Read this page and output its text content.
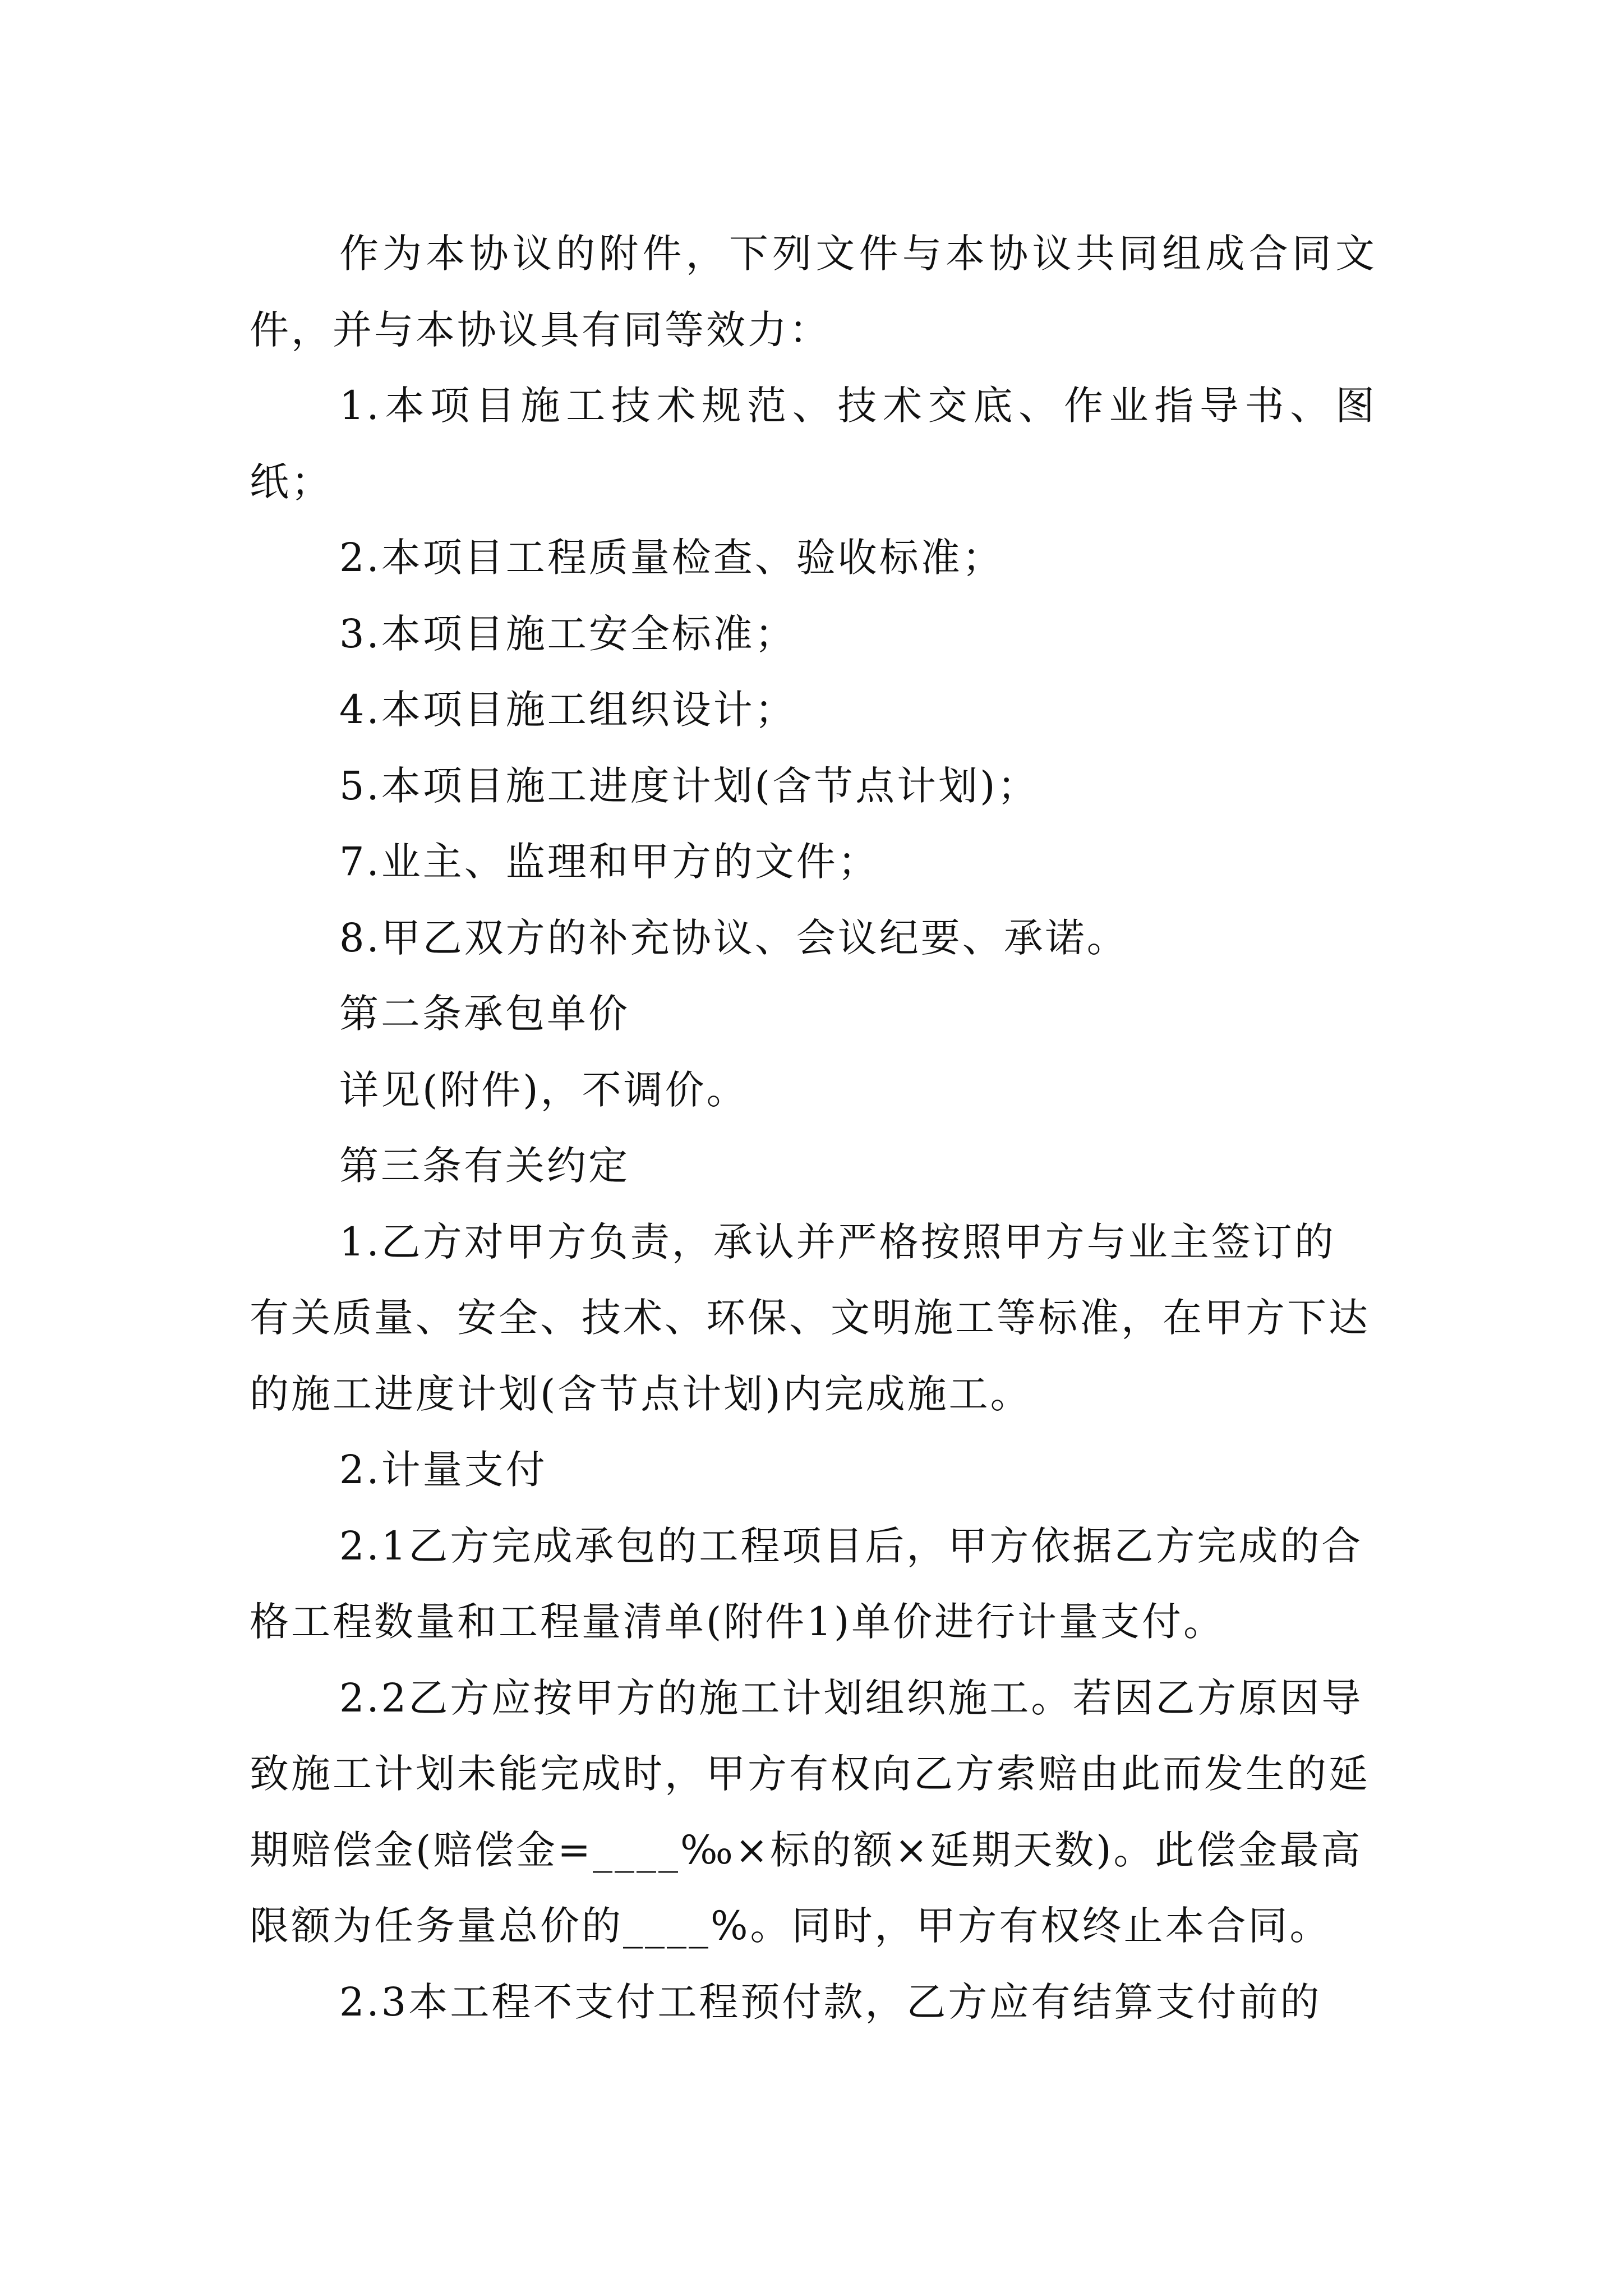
作为本协议的附件，下列文件与本协议共同组成合同文件，并与本协议具有同等效力：

1.本项目施工技术规范、技术交底、作业指导书、图纸；

2.本项目工程质量检查、验收标准；

3.本项目施工安全标准；

4.本项目施工组织设计；

5.本项目施工进度计划(含节点计划)；

7.业主、监理和甲方的文件；

8.甲乙双方的补充协议、会议纪要、承诺。

第二条承包单价

详见(附件)，不调价。

第三条有关约定

1.乙方对甲方负责，承认并严格按照甲方与业主签订的有关质量、安全、技术、环保、文明施工等标准，在甲方下达的施工进度计划(含节点计划)内完成施工。

2.计量支付

2.1乙方完成承包的工程项目后，甲方依据乙方完成的合格工程数量和工程量清单(附件1)单价进行计量支付。

2.2乙方应按甲方的施工计划组织施工。若因乙方原因导致施工计划未能完成时，甲方有权向乙方索赔由此而发生的延期赔偿金(赔偿金=____‰×标的额×延期天数)。此偿金最高限额为任务量总价的____%。同时，甲方有权终止本合同。

2.3本工程不支付工程预付款，乙方应有结算支付前的
